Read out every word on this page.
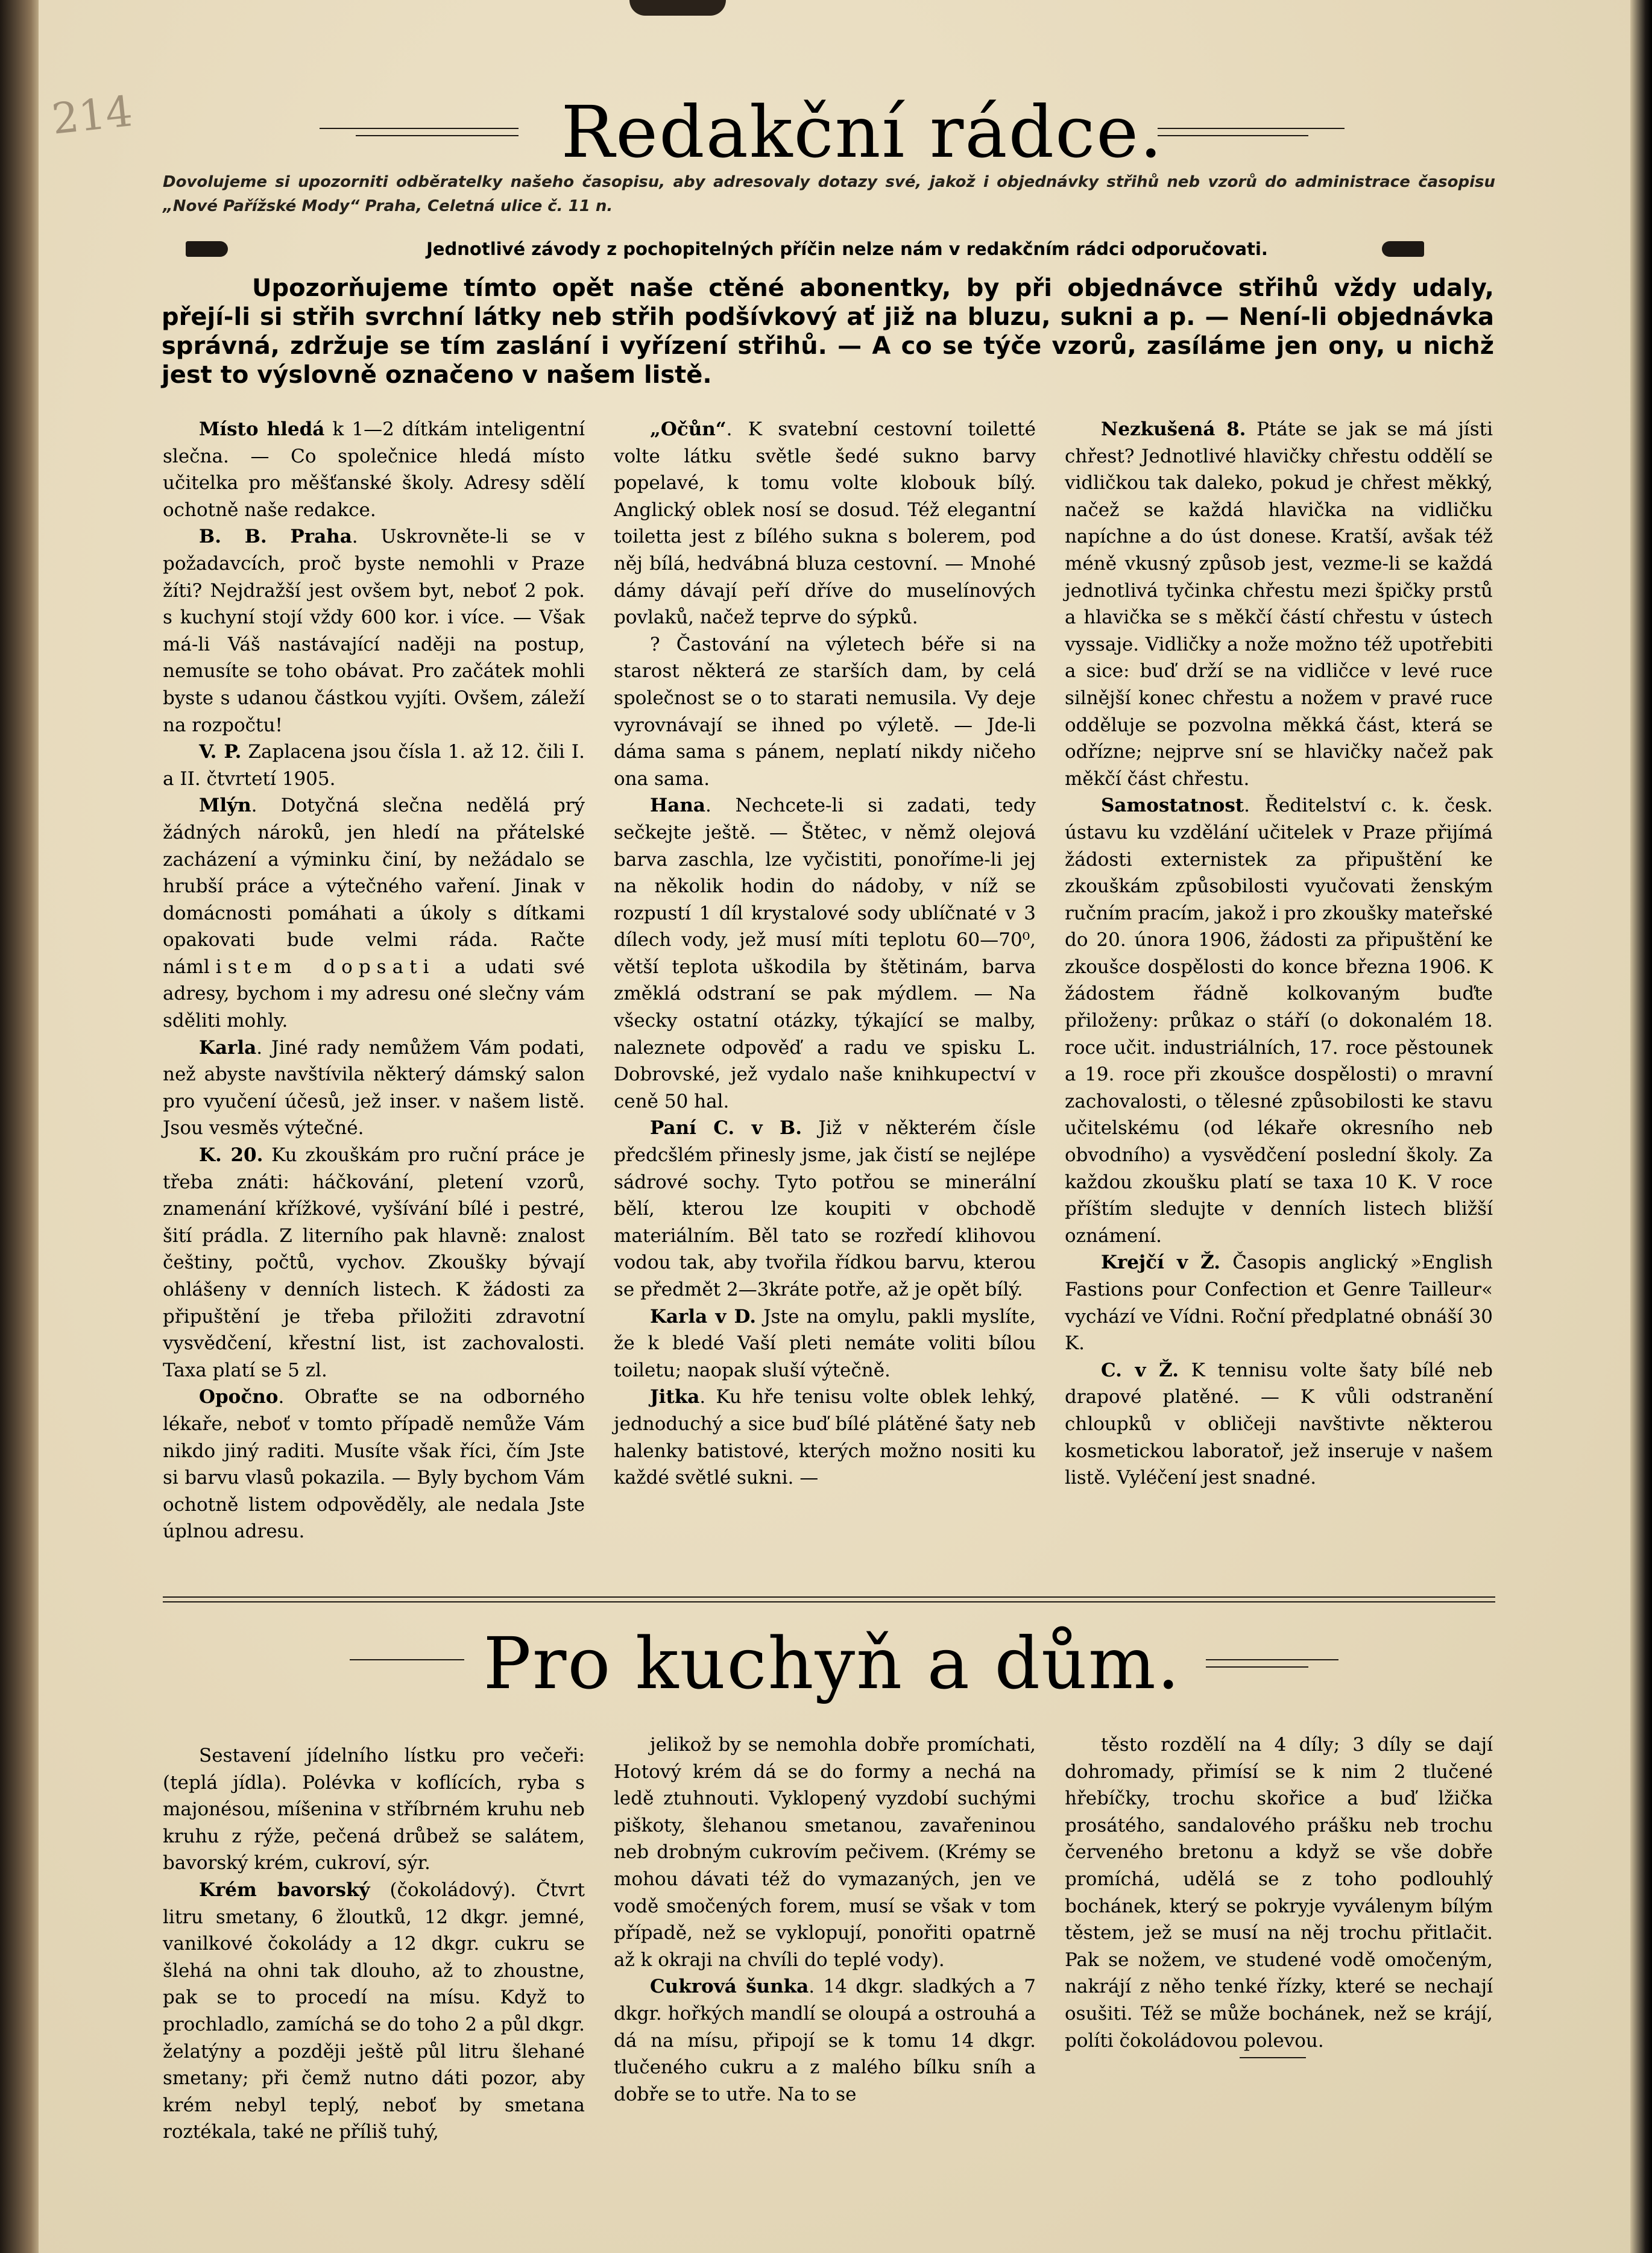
214	Redakční rádce.
Dovolujeme si upozorniti odběratelky našeho časopisu, aby adresovaly dotazy své, jakož i objednávky střihů neb vzorů do administrace časopisu „Nové Pařížské Mody“ Praha, Celetná ulice č. 11 n.
Jednotlivé závody z pochopitelných příčin nelze nám v redakčním rádci odporučovati.

Upozorňujeme tímto opět naše ctěné abonentky, by při objednávce střihů vždy udaly, přejí-li si střih svrchní látky neb střih podšívkový ať již na bluzu, sukni a p. — Není-li objednávka správná, zdržuje se tím zaslání i vyřízení střihů. — A co se týče vzorů, zasíláme jen ony, u nichž jest to výslovně označeno v našem listě.

Místo hledá k 1—2 dítkám inteligentní slečna. — Co společnice hledá místo učitelka pro měšťanské školy. Adresy sdělí ochotně naše redakce.

B. B. Praha. Uskrovněte-li se v požadavcích, proč byste nemohli v Praze žíti? Nejdražší jest ovšem byt, neboť 2 pok. s kuchyní stojí vždy 600 kor. i více. — Však má-li Váš nastávající naději na postup, nemusíte se toho obávat. Pro začátek mohli byste s udanou částkou vyjíti. Ovšem, záleží na rozpočtu!

V. P. Zaplacena jsou čísla 1. až 12. čili I. a II. čtvrtetí 1905.

Mlýn. Dotyčná slečna nedělá prý žádných nároků, jen hledí na přátelské zacházení a výminku činí, by nežádalo se hrubší práce a výtečného vaření. Jinak v domácnosti pomáhati a úkoly s dítkami opakovati bude velmi ráda. Račte námlistem dopsati a udati své adresy, bychom i my adresu oné slečny vám sděliti mohly.

Karla. Jiné rady nemůžem Vám podati, než abyste navštívila některý dámský salon pro vyučení účesů, jež inser. v našem listě. Jsou vesměs výtečné.

K. 20. Ku zkouškám pro ruční práce je třeba znáti: háčkování, pletení vzorů, znamenání křížkové, vyšívání bílé i pestré, šití prádla. Z literního pak hlavně: znalost češtiny, počtů, vychov. Zkoušky bývají ohlášeny v denních listech. K žádosti za připuštění je třeba přiložiti zdravotní vysvědčení, křestní list, ist zachovalosti. Taxa platí se 5 zl.

Opočno. Obraťte se na odborného lékaře, neboť v tomto případě nemůže Vám nikdo jiný raditi. Musíte však říci, čím Jste si barvu vlasů pokazila. — Byly bychom Vám ochotně listem odpověděly, ale nedala Jste úplnou adresu.

„Očůn“. K svatební cestovní toiletté volte látku světle šedé sukno barvy popelavé, k tomu volte klobouk bílý. Anglický oblek nosí se dosud. Též elegantní toiletta jest z bílého sukna s bolerem, pod něj bílá, hedvábná bluza cestovní. — Mnohé dámy dávají peří dříve do muselínových povlaků, načež teprve do sýpků.

? Častování na výletech béře si na starost některá ze starších dam, by celá společnost se o to starati nemusila. Vy deje vyrovnávají se ihned po výletě. — Jde-li dáma sama s pánem, neplatí nikdy ničeho ona sama.

Hana. Nechcete-li si zadati, tedy sečkejte ještě. — Štětec, v němž olejová barva zaschla, lze vyčistiti, ponoříme-li jej na několik hodin do nádoby, v níž se rozpustí 1 díl krystalové sody ublíčnaté v 3 dílech vody, jež musí míti teplotu 60—70⁰, větší teplota uškodila by štětinám, barva změklá odstraní se pak mýdlem. — Na všecky ostatní otázky, týkající se malby, naleznete odpověď a radu ve spisku L. Dobrovské, jež vydalo naše knihkupectví v ceně 50 hal.

Paní C. v B. Již v některém čísle předcšlém přinesly jsme, jak čistí se nejlépe sádrové sochy. Tyto potřou se minerální bělí, kterou lze koupiti v obchodě materiálním. Běl tato se rozředí klihovou vodou tak, aby tvořila řídkou barvu, kterou se předmět 2—3kráte potře, až je opět bílý.

Karla v D. Jste na omylu, pakli myslíte, že k bledé Vaší pleti nemáte voliti bílou toiletu; naopak sluší výtečně.

Jitka. Ku hře tenisu volte oblek lehký, jednoduchý a sice buď bílé plátěné šaty neb halenky batistové, kterých možno nositi ku každé světlé sukni. —

Nezkušená 8. Ptáte se jak se má jísti chřest? Jednotlivé hlavičky chřestu oddělí se vidličkou tak daleko, pokud je chřest měkký, načež se každá hlavička na vidličku napíchne a do úst donese. Kratší, avšak též méně vkusný způsob jest, vezme-li se každá jednotlivá tyčinka chřestu mezi špičky prstů a hlavička se s měkčí částí chřestu v ústech vyssaje. Vidličky a nože možno též upotřebiti a sice: buď drží se na vidličce v levé ruce silnější konec chřestu a nožem v pravé ruce odděluje se pozvolna měkká část, která se odřízne; nejprve sní se hlavičky načež pak měkčí část chřestu.

Samostatnost. Ředitelství c. k. česk. ústavu ku vzdělání učitelek v Praze přijímá žádosti externistek za připuštění ke zkouškám způsobilosti vyučovati ženským ručním pracím, jakož i pro zkoušky mateřské do 20. února 1906, žádosti za připuštění ke zkoušce dospělosti do konce března 1906. K žádostem řádně kolkovaným buďte přiloženy: průkaz o stáří (o dokonalém 18. roce učit. industriálních, 17. roce pěstounek a 19. roce při zkoušce dospělosti) o mravní zachovalosti, o tělesné způsobilosti ke stavu učitelskému (od lékaře okresního neb obvodního) a vysvědčení poslední školy. Za každou zkoušku platí se taxa 10 K. V roce příštím sledujte v denních listech bližší oznámení.

Krejčí v Ž. Časopis anglický »English Fastions pour Confection et Genre Tailleur« vychází ve Vídni. Roční předplatné obnáší 30 K.

C. v Ž. K tennisu volte šaty bílé neb drapové platěné. — K vůli odstranění chloupků v obličeji navštivte některou kosmetickou laboratoř, jež inseruje v našem listě. Vyléčení jest snadné.

Pro kuchyň a dům.

Sestavení jídelního lístku pro večeři: (teplá jídla). Polévka v koflících, ryba s majonésou, míšenina v stříbrném kruhu neb kruhu z rýže, pečená drůbež se salátem, bavorský krém, cukroví, sýr.

Krém bavorský (čokoládový). Čtvrt litru smetany, 6 žloutků, 12 dkgr. jemné, vanilkové čokolády a 12 dkgr. cukru se šlehá na ohni tak dlouho, až to zhoustne, pak se to procedí na mísu. Když to prochladlo, zamíchá se do toho 2 a půl dkgr. želatýny a později ještě půl litru šlehané smetany; při čemž nutno dáti pozor, aby krém nebyl teplý, neboť by smetana roztékala, také ne příliš tuhý,

jelikož by se nemohla dobře promíchati, Hotový krém dá se do formy a nechá na ledě ztuhnouti. Vyklopený vyzdobí suchými piškoty, šlehanou smetanou, zavařeninou neb drobným cukrovím pečivem. (Krémy se mohou dávati též do vymazaných, jen ve vodě smočených forem, musí se však v tom případě, než se vyklopují, ponořiti opatrně až k okraji na chvíli do teplé vody).

Cukrová šunka. 14 dkgr. sladkých a 7 dkgr. hořkých mandlí se oloupá a ostrouhá a dá na mísu, připojí se k tomu 14 dkgr. tlučeného cukru a z malého bílku sníh a dobře se to utře. Na to se

těsto rozdělí na 4 díly; 3 díly se dají dohromady, přimísí se k nim 2 tlučené hřebíčky, trochu skořice a buď lžička prosátého, sandalového prášku neb trochu červeného bretonu a když se vše dobře promíchá, udělá se z toho podlouhlý bochánek, který se pokryje vyválenym bílým těstem, jež se musí na něj trochu přitlačit. Pak se nožem, ve studené vodě omočeným, nakrájí z něho tenké řízky, které se nechají osušiti. Též se může bochánek, než se krájí, políti čokoládovou polevou.
